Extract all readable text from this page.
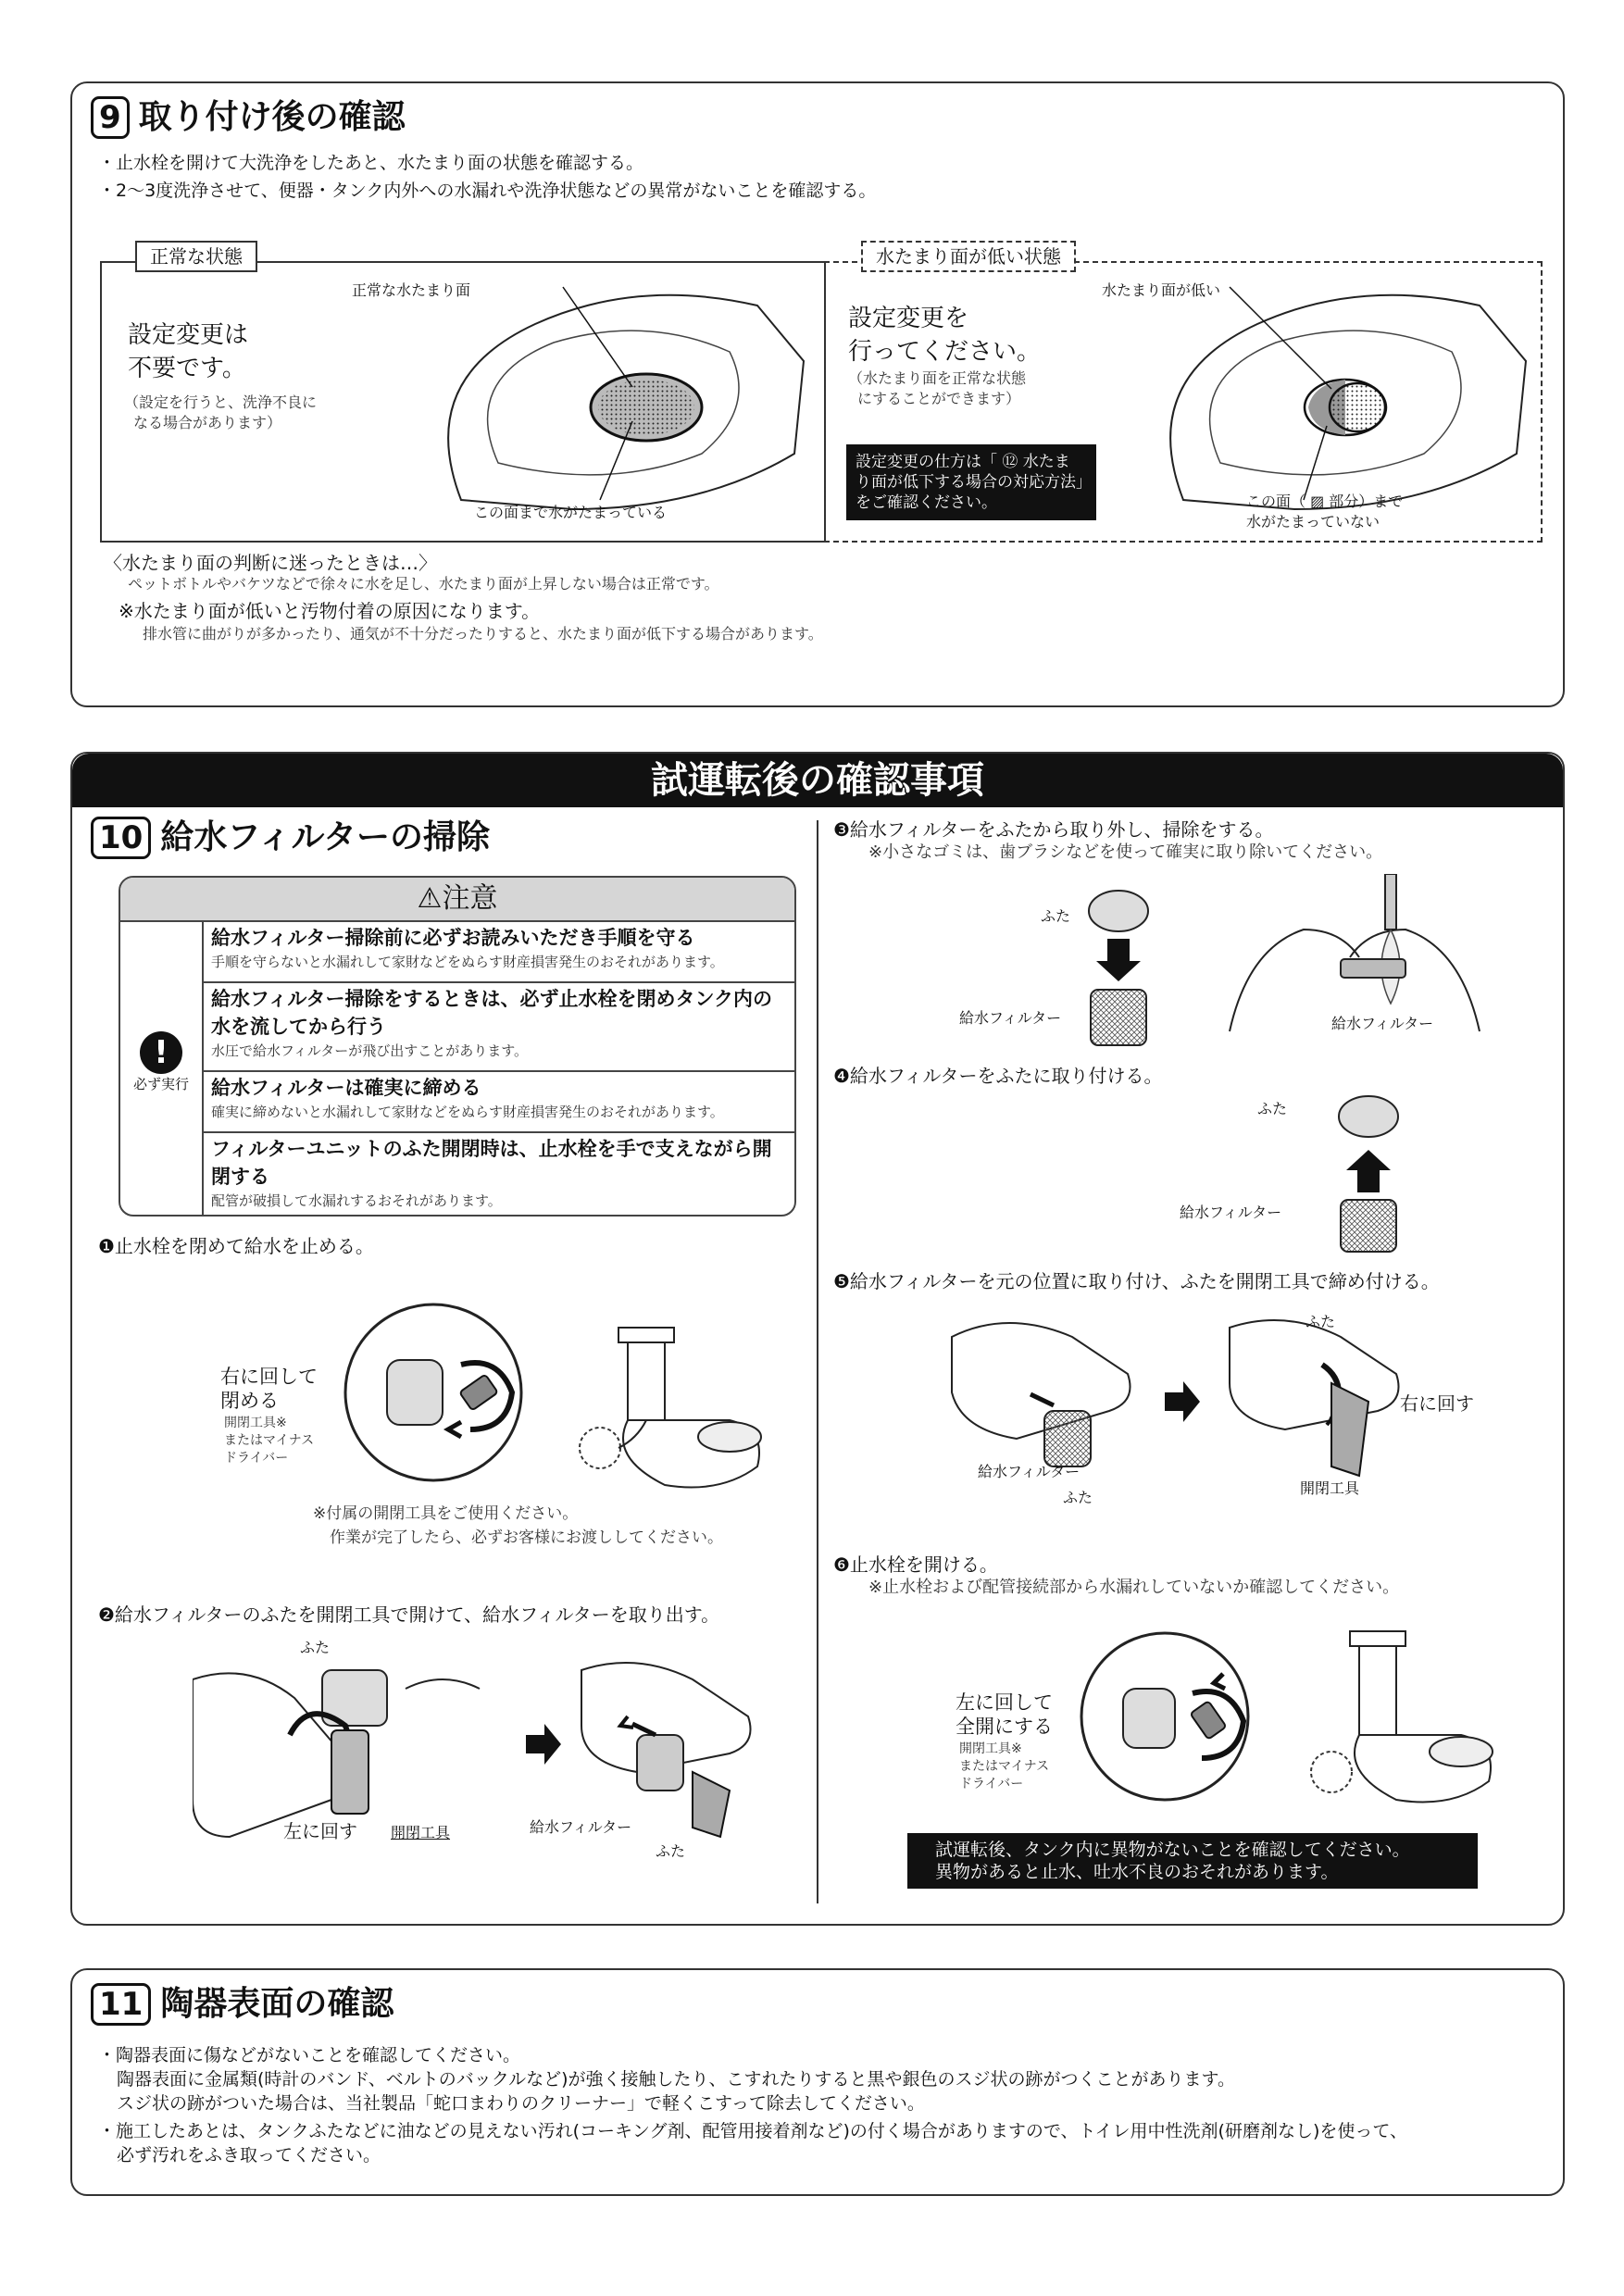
9 取り付け後の確認
・止水栓を開けて大洗浄をしたあと、水たまり面の状態を確認する。
・2～3度洗浄させて、便器・タンク内外への水漏れや洗浄状態などの異常がないことを確認する。
正常な状態
設定変更は
不要です。
（設定を行うと、洗浄不良に
なる場合があります）
正常な水たまり面
この面まで水がたまっている
水たまり面が低い状態
設定変更を
行ってください。
（水たまり面を正常な状態
にすることができます）
設定変更の仕方は「 ⑫ 水たま
り面が低下する場合の対応方法」
をご確認ください。
水たまり面が低い
この面（ ▨ 部分）まで
水がたまっていない
〈水たまり面の判断に迷ったときは…〉
ペットボトルやバケツなどで徐々に水を足し、水たまり面が上昇しない場合は正常です。
※水たまり面が低いと汚物付着の原因になります。
排水管に曲がりが多かったり、通気が不十分だったりすると、水たまり面が低下する場合があります。
試運転後の確認事項
10 給水フィルターの掃除
⚠注意
!
必ず実行
給水フィルター掃除前に必ずお読みいただき手順を守る
手順を守らないと水漏れして家財などをぬらす財産損害発生のおそれがあります。
給水フィルター掃除をするときは、必ず止水栓を閉めタンク内の水を流してから行う
水圧で給水フィルターが飛び出すことがあります。
給水フィルターは確実に締める
確実に締めないと水漏れして家財などをぬらす財産損害発生のおそれがあります。
フィルターユニットのふた開閉時は、止水栓を手で支えながら開閉する
配管が破損して水漏れするおそれがあります。
❶止水栓を閉めて給水を止める。
右に回して
閉める
開閉工具※
またはマイナス
ドライバー
※付属の開閉工具をご使用ください。
作業が完了したら、必ずお客様にお渡ししてください。
❷給水フィルターのふたを開閉工具で開けて、給水フィルターを取り出す。
ふた
左に回す 開閉工具	給水フィルター
ふた
❸給水フィルターをふたから取り外し、掃除をする。
※小さなゴミは、歯ブラシなどを使って確実に取り除いてください。
ふた
給水フィルター	給水フィルター
❹給水フィルターをふたに取り付ける。
ふた
給水フィルター
❺給水フィルターを元の位置に取り付け、ふたを開閉工具で締め付ける。
ふた
右に回す
給水フィルター
ふた
開閉工具
❻止水栓を開ける。
※止水栓および配管接続部から水漏れしていないか確認してください。
左に回して
全開にする
開閉工具※
またはマイナス
ドライバー
試運転後、タンク内に異物がないことを確認してください。
異物があると止水、吐水不良のおそれがあります。
11 陶器表面の確認
・陶器表面に傷などがないことを確認してください。
陶器表面に金属類(時計のバンド、ベルトのバックルなど)が強く接触したり、こすれたりすると黒や銀色のスジ状の跡がつくことがあります。
スジ状の跡がついた場合は、当社製品「蛇口まわりのクリーナー」で軽くこすって除去してください。
・施工したあとは、タンクふたなどに油などの見えない汚れ(コーキング剤、配管用接着剤など)の付く場合がありますので、トイレ用中性洗剤(研磨剤なし)を使って、
必ず汚れをふき取ってください。
